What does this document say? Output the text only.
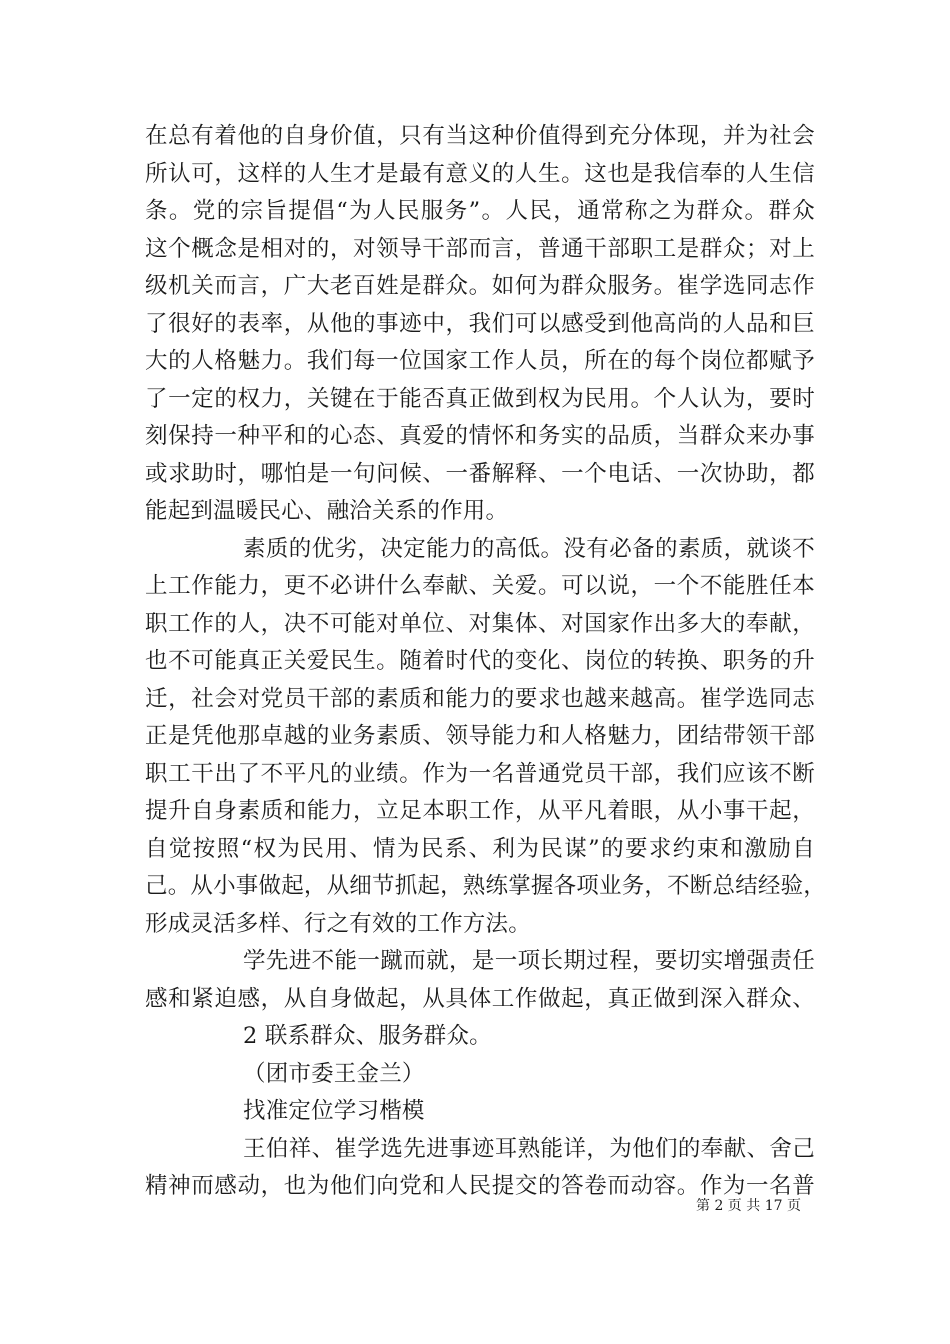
在总有着他的自身价值，只有当这种价值得到充分体现，并为社会
所认可，这样的人生才是最有意义的人生。这也是我信奉的人生信
条。党的宗旨提倡“为人民服务”。人民，通常称之为群众。群众
这个概念是相对的，对领导干部而言，普通干部职工是群众；对上
级机关而言，广大老百姓是群众。如何为群众服务。崔学选同志作
了很好的表率，从他的事迹中，我们可以感受到他高尚的人品和巨
大的人格魅力。我们每一位国家工作人员，所在的每个岗位都赋予
了一定的权力，关键在于能否真正做到权为民用。个人认为，要时
刻保持一种平和的心态、真爱的情怀和务实的品质，当群众来办事
或求助时，哪怕是一句问候、一番解释、一个电话、一次协助，都
能起到温暖民心、融洽关系的作用。
素质的优劣，决定能力的高低。没有必备的素质，就谈不
上工作能力，更不必讲什么奉献、关爱。可以说，一个不能胜任本
职工作的人，决不可能对单位、对集体、对国家作出多大的奉献，
也不可能真正关爱民生。随着时代的变化、岗位的转换、职务的升
迁，社会对党员干部的素质和能力的要求也越来越高。崔学选同志
正是凭他那卓越的业务素质、领导能力和人格魅力，团结带领干部
职工干出了不平凡的业绩。作为一名普通党员干部，我们应该不断
提升自身素质和能力，立足本职工作，从平凡着眼，从小事干起，
自觉按照“权为民用、情为民系、利为民谋”的要求约束和激励自
己。从小事做起，从细节抓起，熟练掌握各项业务，不断总结经验，
形成灵活多样、行之有效的工作方法。
学先进不能一蹴而就，是一项长期过程，要切实增强责任
感和紧迫感，从自身做起，从具体工作做起，真正做到深入群众、
2 联系群众、服务群众。
（团市委王金兰）
找准定位学习楷模
王伯祥、崔学选先进事迹耳熟能详，为他们的奉献、舍己
精神而感动，也为他们向党和人民提交的答卷而动容。作为一名普
第 2 页 共 17 页
